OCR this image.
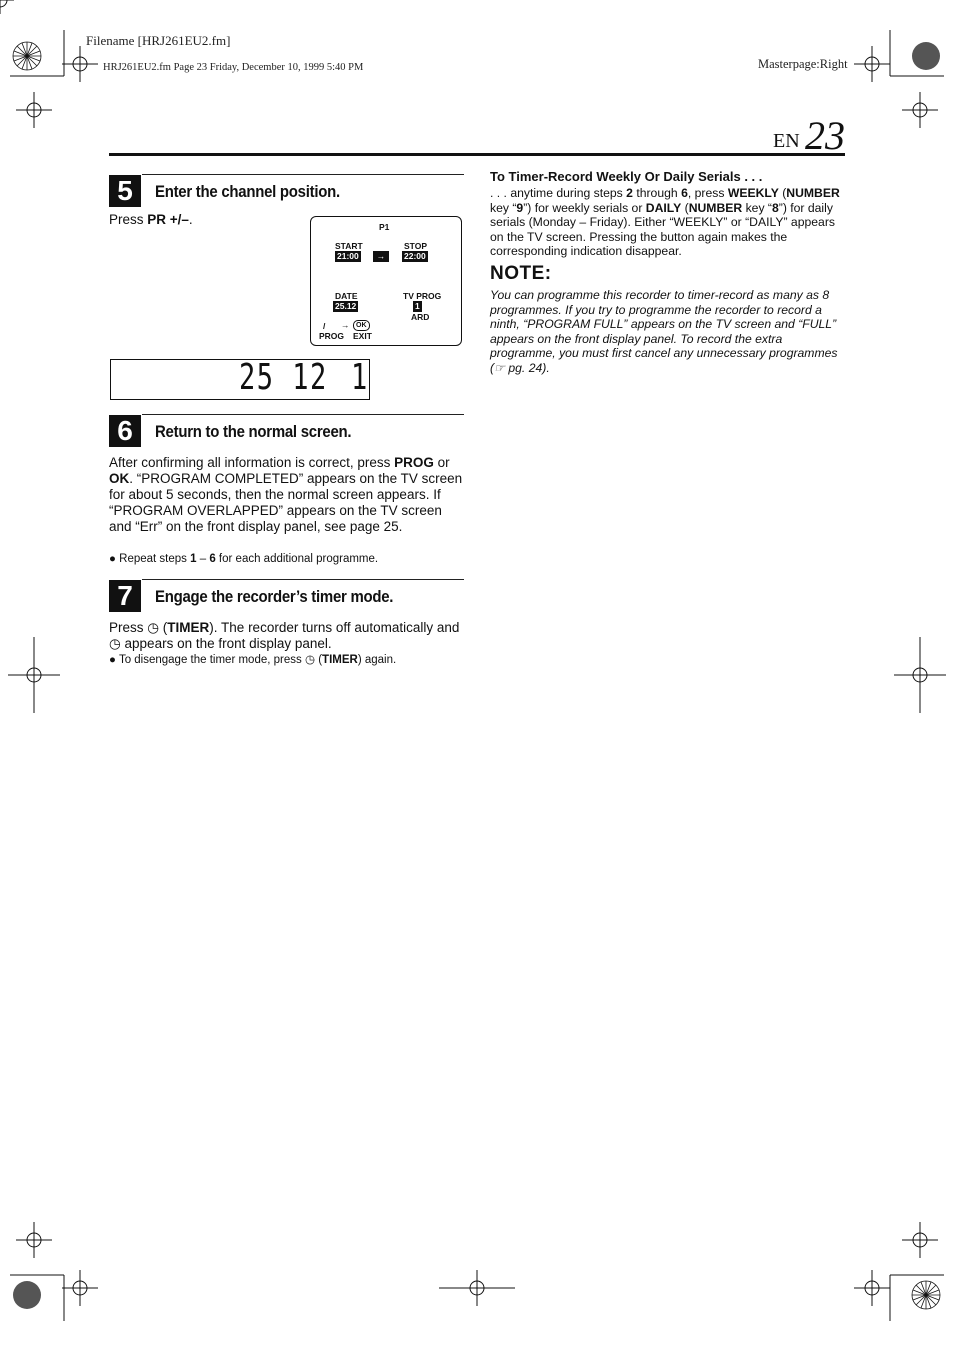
Filename [HRJ261EU2.fm]
HRJ261EU2.fm Page 23 Friday, December 10, 1999 5:40 PM	Masterpage:Right
EN 23
5	Enter the channel position.
Press PR +/–.	P1
START
21:00	→
STOP
22:00
DATE
25.12
TV PROG
1
ARD
/ → OK
PROG EXIT
25 12 1
6	Return to the normal screen.
After confirming all information is correct, press PROG or OK. “PROGRAM COMPLETED” appears on the TV screen for about 5 seconds, then the normal screen appears. If “PROGRAM OVERLAPPED” appears on the TV screen and “Err” on the front display panel, see page 25.
● Repeat steps 1 – 6 for each additional programme.
7	Engage the recorder’s timer mode.
Press ◷ (TIMER). The recorder turns off automatically and ◷ appears on the front display panel.
● To disengage the timer mode, press ◷ (TIMER) again.
To Timer-Record Weekly Or Daily Serials . . .
. . . anytime during steps 2 through 6, press WEEKLY (NUMBER key “9”) for weekly serials or DAILY (NUMBER key “8”) for daily serials (Monday – Friday). Either “WEEKLY” or “DAILY” appears on the TV screen. Pressing the button again makes the corresponding indication disappear.
NOTE:
You can programme this recorder to timer-record as many as 8 programmes. If you try to programme the recorder to record a ninth, “PROGRAM FULL” appears on the TV screen and “FULL” appears on the front display panel. To record the extra programme, you must first cancel any unnecessary programmes (☞ pg. 24).
